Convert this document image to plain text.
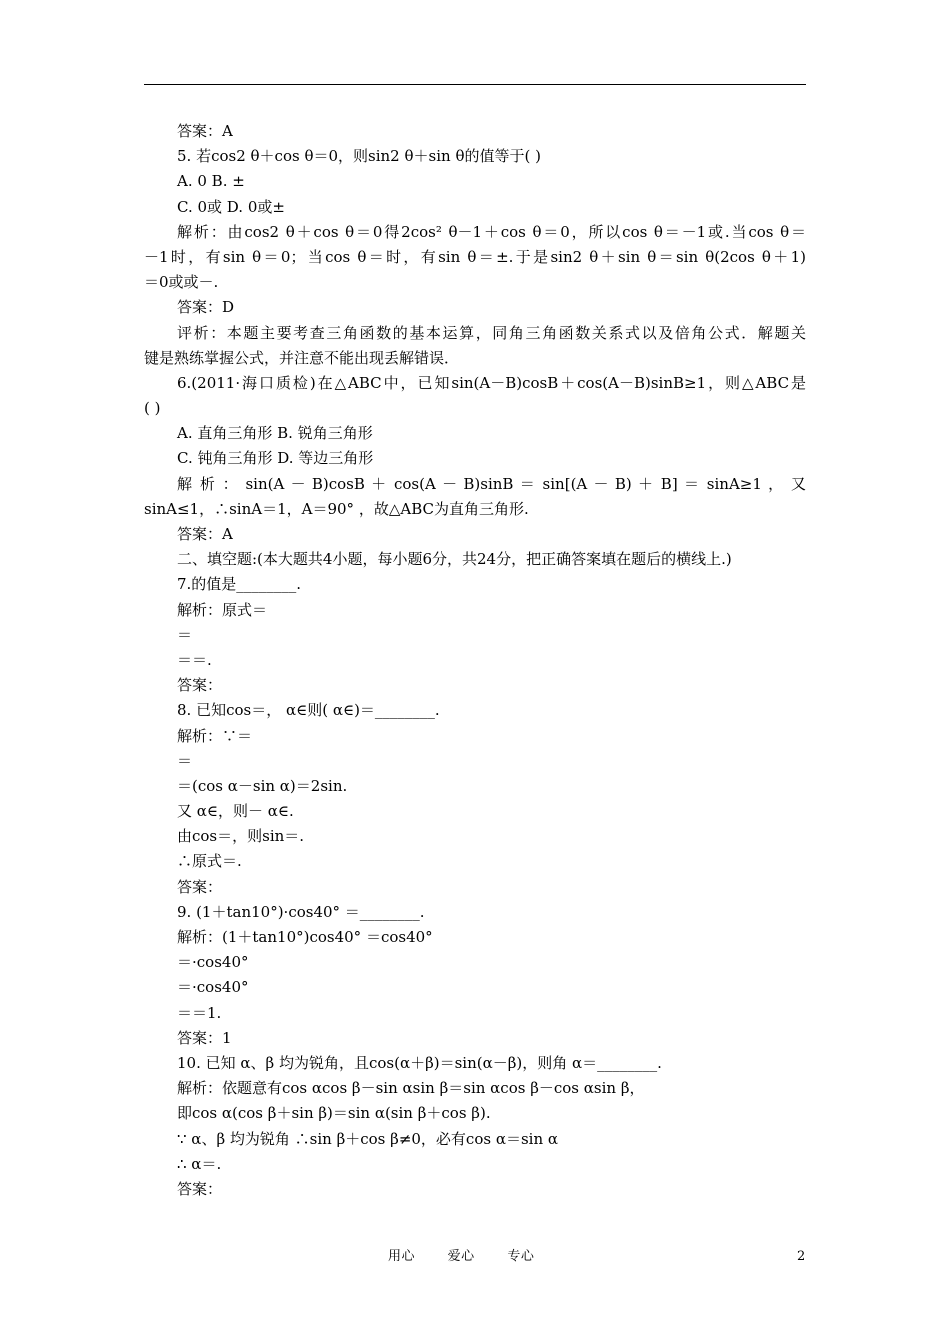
答案：A
5. 若cos2 θ＋cos θ＝0，则sin2 θ＋sin θ的值等于( )
A. 0 B. ±
C. 0或 D. 0或±
解析：由cos2 θ＋cos θ＝0得2cos² θ－1＋cos θ＝0，所以cos θ＝－1或.当cos θ＝
－1时，有sin θ＝0；当cos θ＝时，有sin θ＝±.于是sin2 θ＋sin θ＝sin θ(2cos θ＋1)
＝0或或－.
答案：D
评析：本题主要考查三角函数的基本运算，同角三角函数关系式以及倍角公式．解题关
键是熟练掌握公式，并注意不能出现丢解错误．
6.(2011·海口质检)在△ABC中，已知sin(A－B)cosB＋cos(A－B)sinB≥1，则△ABC是
( )
A. 直角三角形 B. 锐角三角形
C. 钝角三角形 D. 等边三角形
解 析 ： sin(A － B)cosB ＋ cos(A － B)sinB ＝ sin[(A － B) ＋ B] ＝ sinA≥1 ， 又
sinA≤1，∴sinA＝1，A＝90° ，故△ABC为直角三角形.
答案：A
二、填空题:(本大题共4小题，每小题6分，共24分，把正确答案填在题后的横线上.)
7.的值是________.
解析：原式＝
＝
＝＝.
答案：
8. 已知cos＝， α∈则( α∈)＝________.
解析：∵＝
＝
＝(cos α－sin α)＝2sin.
又 α∈，则－ α∈.
由cos＝，则sin＝.
∴原式＝.
答案：
9. (1＋tan10°)·cos40° ＝________.
解析：(1＋tan10°)cos40° ＝cos40°
＝·cos40°
＝·cos40°
＝＝1.
答案：1
10. 已知 α、β 均为锐角，且cos(α＋β)＝sin(α－β)，则角 α＝________.
解析：依题意有cos αcos β－sin αsin β＝sin αcos β－cos αsin β，
即cos α(cos β＋sin β)＝sin α(sin β＋cos β).
∵ α、β 均为锐角 ∴sin β＋cos β≠0，必有cos α＝sin α
∴ α＝.
答案：
用心	爱心	专心	2
